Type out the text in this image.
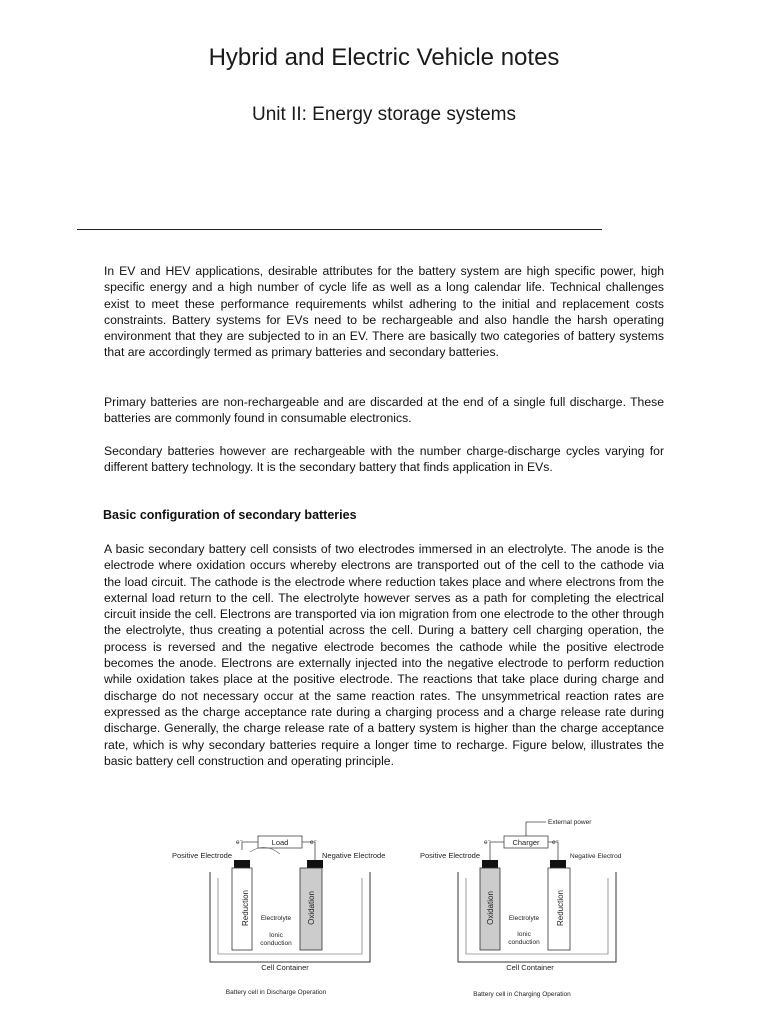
Hybrid and Electric Vehicle notes
Unit II: Energy storage systems

In EV and HEV applications, desirable attributes for the battery system are high specific power, high specific energy and a high number of cycle life as well as a long calendar life. Technical challenges exist to meet these performance requirements whilst adhering to the initial and replacement costs constraints. Battery systems for EVs need to be rechargeable and also handle the harsh operating environment that they are subjected to in an EV. There are basically two categories of battery systems that are accordingly termed as primary batteries and secondary batteries.

Primary batteries are non-rechargeable and are discarded at the end of a single full discharge. These batteries are commonly found in consumable electronics.

Secondary batteries however are rechargeable with the number charge-discharge cycles varying for different battery technology. It is the secondary battery that finds application in EVs.

Basic configuration of secondary batteries

A basic secondary battery cell consists of two electrodes immersed in an electrolyte. The anode is the electrode where oxidation occurs whereby electrons are transported out of the cell to the cathode via the load circuit. The cathode is the electrode where reduction takes place and where electrons from the external load return to the cell. The electrolyte however serves as a path for completing the electrical circuit inside the cell. Electrons are transported via ion migration from one electrode to the other through the electrolyte, thus creating a potential across the cell. During a battery cell charging operation, the process is reversed and the negative electrode becomes the cathode while the positive electrode becomes the anode. Electrons are externally injected into the negative electrode to perform reduction while oxidation takes place at the positive electrode. The reactions that take place during charge and discharge do not necessary occur at the same reaction rates. The unsymmetrical reaction rates are expressed as the charge acceptance rate during a charging process and a charge release rate during discharge. Generally, the charge release rate of a battery system is higher than the charge acceptance rate, which is why secondary batteries require a longer time to recharge. Figure below, illustrates the basic battery cell construction and operating principle.

Load
e⁻	e⁻
Positive Electrode	Negative Electrode
Reduction	Oxidation
Electrolyte
Ionic
conduction
Cell Container
Battery cell in Discharge Operation
External power
Charger
e⁻	e⁻
Positive Electrode	Negative Electrod
Oxidation	Reduction
Electrolyte
Ionic
conduction
Cell Container
Battery cell in Charging Operation
